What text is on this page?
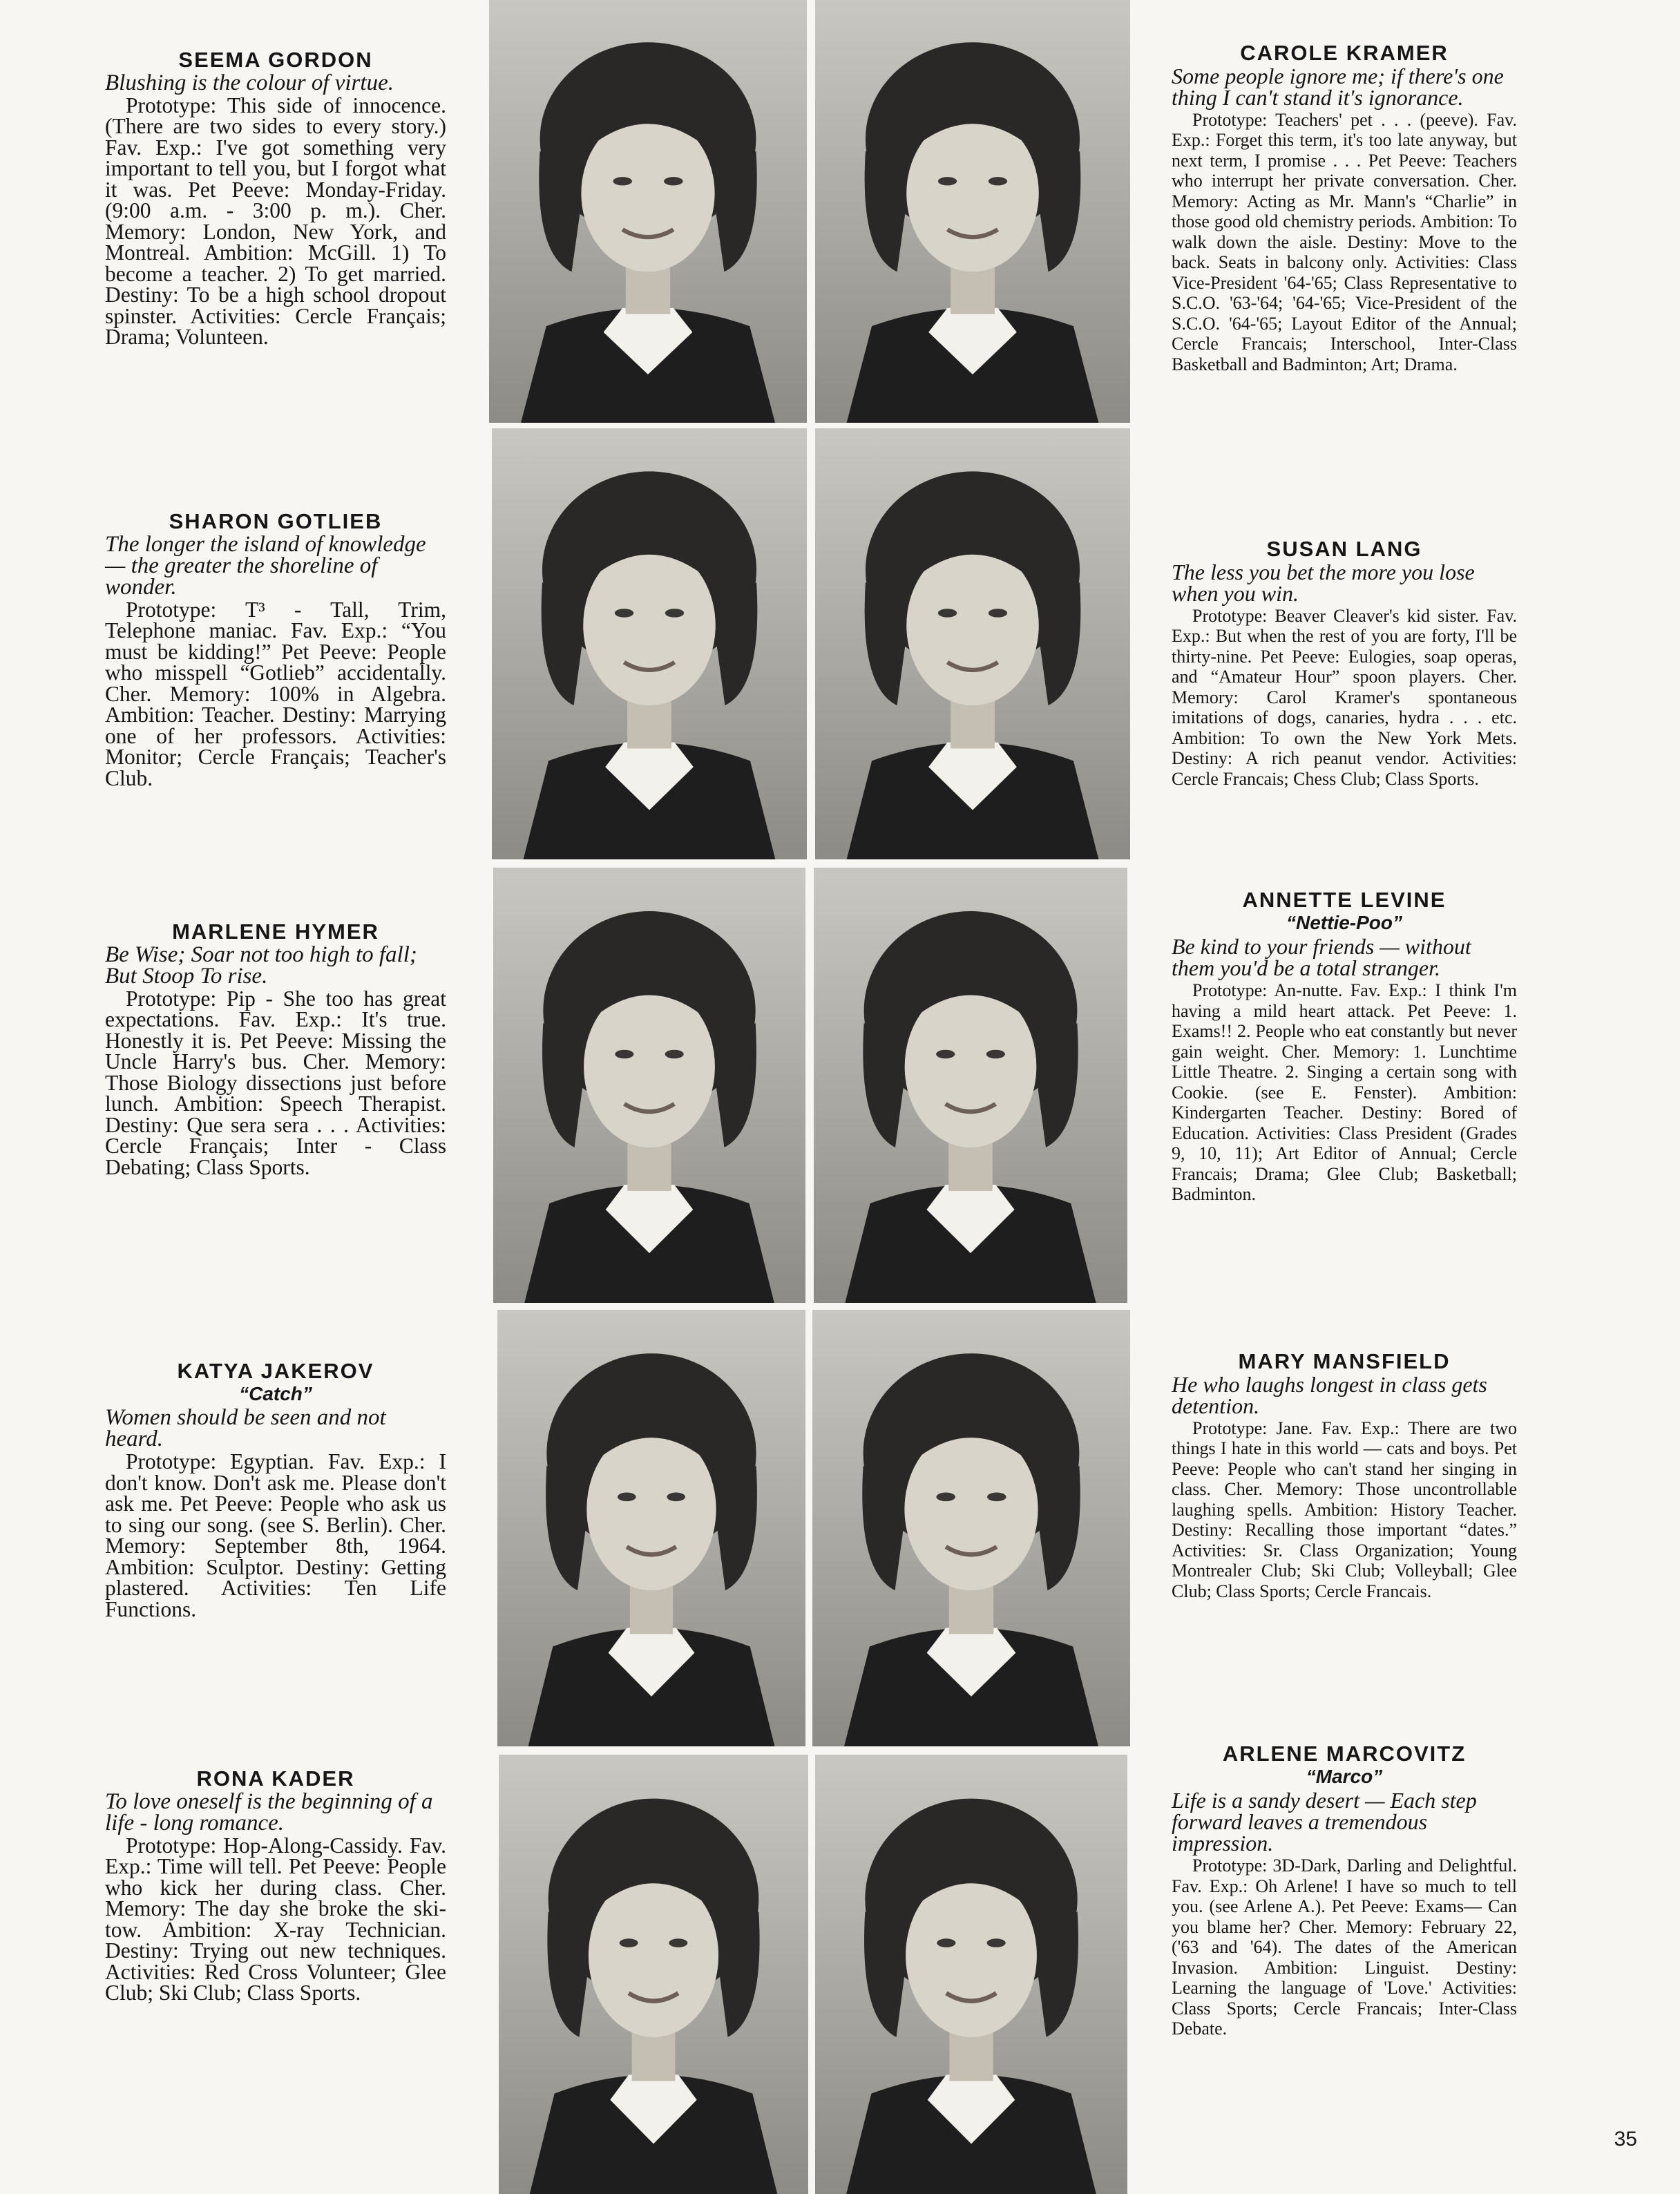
SEEMA GORDON
Blushing is the colour of virtue.
Prototype: This side of innocence. (There are two sides to every story.) Fav. Exp.: I've got something very important to tell you, but I forgot what it was. Pet Peeve: Monday-Friday. (9:00 a.m. - 3:00 p. m.). Cher. Memory: London, New York, and Montreal. Ambition: McGill. 1) To become a teacher. 2) To get married. Destiny: To be a high school dropout spinster. Activities: Cercle Français; Drama; Volunteen.
SHARON GOTLIEB
The longer the island of knowledge — the greater the shoreline of wonder.
Prototype: T³ - Tall, Trim, Telephone maniac. Fav. Exp.: “You must be kidding!” Pet Peeve: People who misspell “Gotlieb” accidentally. Cher. Memory: 100% in Algebra. Ambition: Teacher. Destiny: Marrying one of her professors. Activities: Monitor; Cercle Français; Teacher's Club.
MARLENE HYMER
Be Wise; Soar not too high to fall; But Stoop To rise.
Prototype: Pip - She too has great expectations. Fav. Exp.: It's true. Honestly it is. Pet Peeve: Missing the Uncle Harry's bus. Cher. Memory: Those Biology dissections just before lunch. Ambition: Speech Therapist. Destiny: Que sera sera . . . Activities: Cercle Français; Inter - Class Debating; Class Sports.
KATYA JAKEROV
“Catch”
Women should be seen and not heard.
Prototype: Egyptian. Fav. Exp.: I don't know. Don't ask me. Please don't ask me. Pet Peeve: People who ask us to sing our song. (see S. Berlin). Cher. Memory: September 8th, 1964. Ambition: Sculptor. Destiny: Getting plastered. Activities: Ten Life Functions.
RONA KADER
To love oneself is the beginning of a life - long romance.
Prototype: Hop-Along-Cassidy. Fav. Exp.: Time will tell. Pet Peeve: People who kick her during class. Cher. Memory: The day she broke the ski-tow. Ambition: X-ray Technician. Destiny: Trying out new techniques. Activities: Red Cross Volunteer; Glee Club; Ski Club; Class Sports.
CAROLE KRAMER
Some people ignore me; if there's one thing I can't stand it's ignorance.
Prototype: Teachers' pet . . . (peeve). Fav. Exp.: Forget this term, it's too late anyway, but next term, I promise . . . Pet Peeve: Teachers who interrupt her private conversation. Cher. Memory: Acting as Mr. Mann's “Charlie” in those good old chemistry periods. Ambition: To walk down the aisle. Destiny: Move to the back. Seats in balcony only. Activities: Class Vice-President '64-'65; Class Representative to S.C.O. '63-'64; '64-'65; Vice-President of the S.C.O. '64-'65; Layout Editor of the Annual; Cercle Francais; Interschool, Inter-Class Basketball and Badminton; Art; Drama.
SUSAN LANG
The less you bet the more you lose when you win.
Prototype: Beaver Cleaver's kid sister. Fav. Exp.: But when the rest of you are forty, I'll be thirty-nine. Pet Peeve: Eulogies, soap operas, and “Amateur Hour” spoon players. Cher. Memory: Carol Kramer's spontaneous imitations of dogs, canaries, hydra . . . etc. Ambition: To own the New York Mets. Destiny: A rich peanut vendor. Activities: Cercle Francais; Chess Club; Class Sports.
ANNETTE LEVINE
“Nettie-Poo”
Be kind to your friends — without them you'd be a total stranger.
Prototype: An-nutte. Fav. Exp.: I think I'm having a mild heart attack. Pet Peeve: 1. Exams!! 2. People who eat constantly but never gain weight. Cher. Memory: 1. Lunchtime Little Theatre. 2. Singing a certain song with Cookie. (see E. Fenster). Ambition: Kindergarten Teacher. Destiny: Bored of Education. Activities: Class President (Grades 9, 10, 11); Art Editor of Annual; Cercle Francais; Drama; Glee Club; Basketball; Badminton.
MARY MANSFIELD
He who laughs longest in class gets detention.
Prototype: Jane. Fav. Exp.: There are two things I hate in this world — cats and boys. Pet Peeve: People who can't stand her singing in class. Cher. Memory: Those uncontrollable laughing spells. Ambition: History Teacher. Destiny: Recalling those important “dates.” Activities: Sr. Class Organization; Young Montrealer Club; Ski Club; Volleyball; Glee Club; Class Sports; Cercle Francais.
ARLENE MARCOVITZ
“Marco”
Life is a sandy desert — Each step forward leaves a tremendous impression.
Prototype: 3D-Dark, Darling and Delightful. Fav. Exp.: Oh Arlene! I have so much to tell you. (see Arlene A.). Pet Peeve: Exams— Can you blame her? Cher. Memory: February 22, ('63 and '64). The dates of the American Invasion. Ambition: Linguist. Destiny: Learning the language of 'Love.' Activities: Class Sports; Cercle Francais; Inter-Class Debate.
35
